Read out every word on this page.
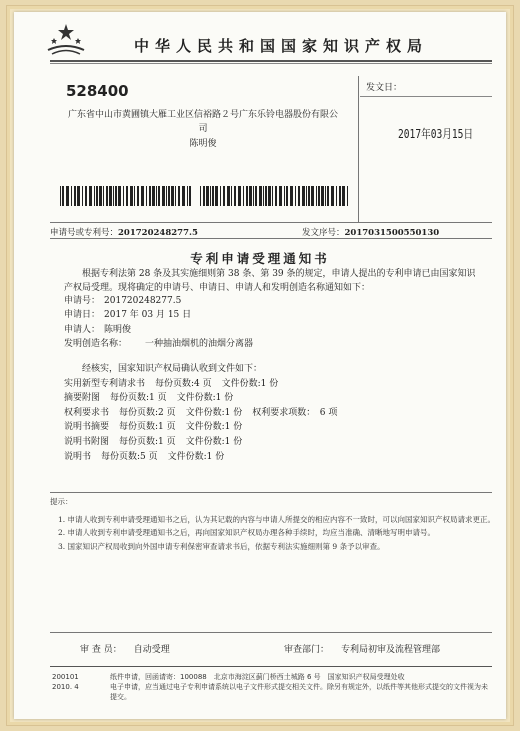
中华人民共和国国家知识产权局
528400
广东省中山市黄圃镇大雁工业区信裕路２号广东乐铃电器股份有限公司
陈明俊
发文日：
2017年03月15日
申请号或专利号：201720248277.5	发文序号：2017031500550130
专利申请受理通知书
根据专利法第 28 条及其实施细则第 38 条、第 39 条的规定，申请人提出的专利申请已由国家知识产权局受理。现将确定的申请号、申请日、申请人和发明创造名称通知如下：
申请号： 201720248277.5
申请日： 2017 年 03 月 15 日
申请人： 陈明俊
发明创造名称： 一种抽油烟机的油烟分离器
经核实，国家知识产权局确认收到文件如下：
实用新型专利请求书 每份页数:4 页 文件份数:1 份
摘要附图 每份页数:1 页 文件份数:1 份
权利要求书 每份页数:2 页 文件份数:1 份 权利要求项数：　6 项
说明书摘要 每份页数:1 页 文件份数:1 份
说明书附图 每份页数:1 页 文件份数:1 份
说明书 每份页数:5 页 文件份数:1 份
提示：
1. 申请人收到专利申请受理通知书之后，认为其记载的内容与申请人所提交的相应内容不一致时，可以向国家知识产权局请求更正。
2. 申请人收到专利申请受理通知书之后，再向国家知识产权局办理各种手续时，均应当准确、清晰地写明申请号。
3. 国家知识产权局收到向外国申请专利保密审查请求书后，依据专利法实施细则第 9 条予以审查。
审 查 员： 自动受理	审查部门： 专利局初审及流程管理部
200101
2010. 4
纸件申请，回函请寄：100088　北京市海淀区蓟门桥西土城路 6 号　国家知识产权局受理处收
电子申请，应当通过电子专利申请系统以电子文件形式提交相关文件。除另有规定外，以纸件等其他形式提交的文件视为未提交。
